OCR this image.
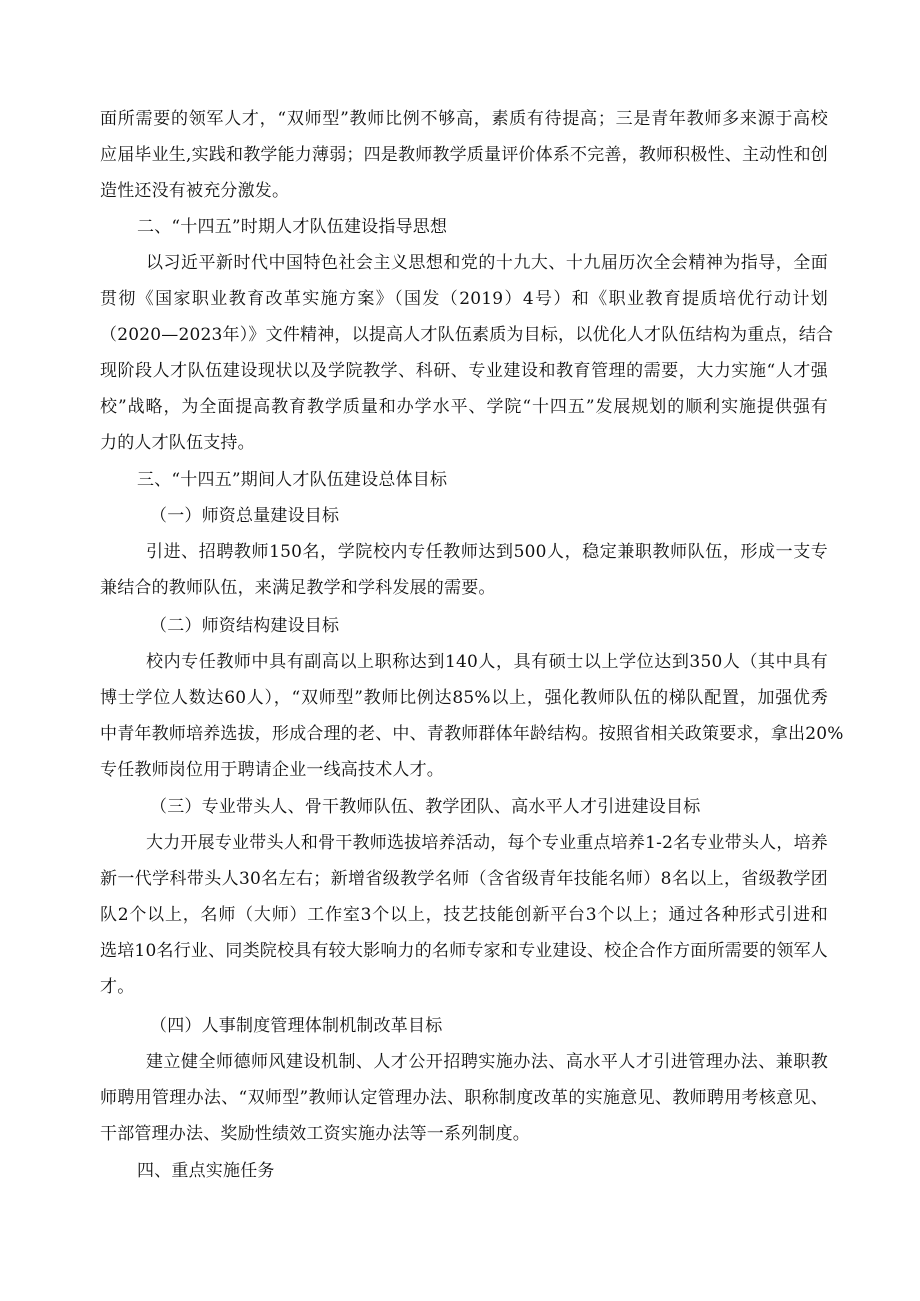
面所需要的领军人才，“双师型”教师比例不够高，素质有待提高；三是青年教师多来源于高校
应届毕业生,实践和教学能力薄弱；四是教师教学质量评价体系不完善，教师积极性、主动性和创
造性还没有被充分激发。
二、“十四五”时期人才队伍建设指导思想
以习近平新时代中国特色社会主义思想和党的十九大、十九届历次全会精神为指导，全面
贯彻《国家职业教育改革实施方案》（国发（2019）4号）和《职业教育提质培优行动计划
（2020—2023年）》文件精神，以提高人才队伍素质为目标，以优化人才队伍结构为重点，结合
现阶段人才队伍建设现状以及学院教学、科研、专业建设和教育管理的需要，大力实施“人才强
校”战略，为全面提高教育教学质量和办学水平、学院“十四五”发展规划的顺利实施提供强有
力的人才队伍支持。
三、“十四五”期间人才队伍建设总体目标
（一）师资总量建设目标
引进、招聘教师150名，学院校内专任教师达到500人，稳定兼职教师队伍，形成一支专
兼结合的教师队伍，来满足教学和学科发展的需要。
（二）师资结构建设目标
校内专任教师中具有副高以上职称达到140人，具有硕士以上学位达到350人（其中具有
博士学位人数达60人），“双师型”教师比例达85%以上，强化教师队伍的梯队配置，加强优秀
中青年教师培养选拔，形成合理的老、中、青教师群体年龄结构。按照省相关政策要求，拿出20%
专任教师岗位用于聘请企业一线高技术人才。
（三）专业带头人、骨干教师队伍、教学团队、高水平人才引进建设目标
大力开展专业带头人和骨干教师选拔培养活动，每个专业重点培养1-2名专业带头人，培养
新一代学科带头人30名左右；新增省级教学名师（含省级青年技能名师）8名以上，省级教学团
队2个以上，名师（大师）工作室3个以上，技艺技能创新平台3个以上；通过各种形式引进和
选培10名行业、同类院校具有较大影响力的名师专家和专业建设、校企合作方面所需要的领军人
才。
（四）人事制度管理体制机制改革目标
建立健全师德师风建设机制、人才公开招聘实施办法、高水平人才引进管理办法、兼职教
师聘用管理办法、“双师型”教师认定管理办法、职称制度改革的实施意见、教师聘用考核意见、
干部管理办法、奖励性绩效工资实施办法等一系列制度。
四、重点实施任务
